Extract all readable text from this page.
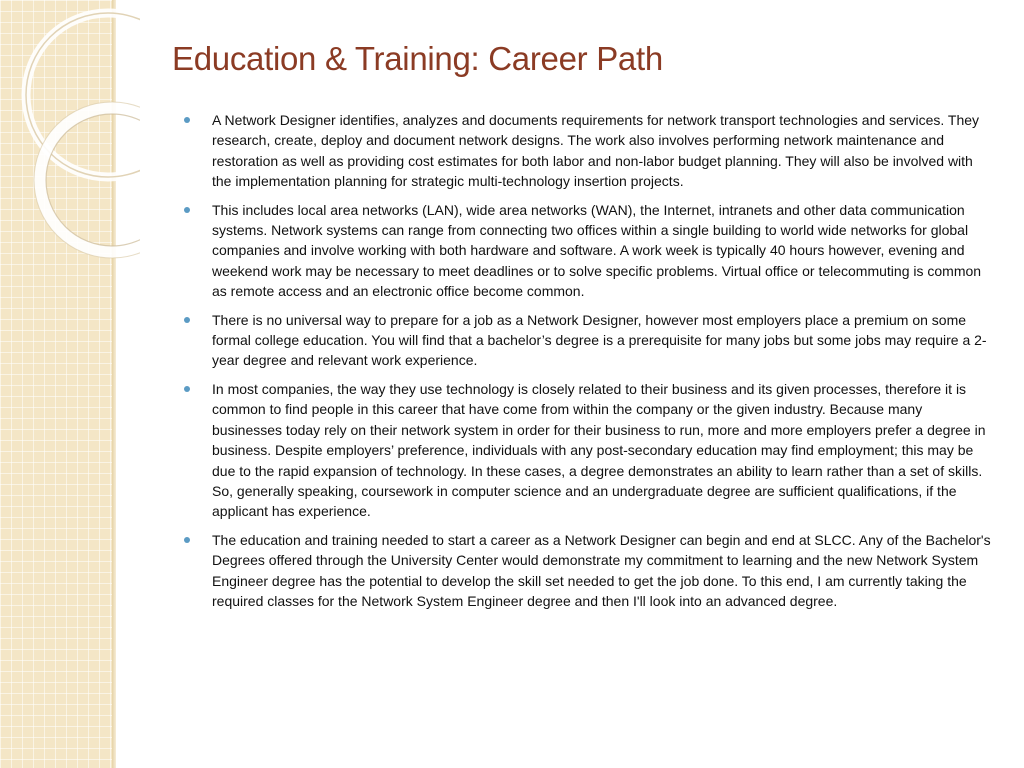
Education & Training: Career Path
A Network Designer identifies, analyzes and documents requirements for network transport technologies and services. They research, create, deploy and document network designs. The work also involves performing network maintenance and restoration as well as providing cost estimates for both labor and non-labor budget planning. They will also be involved with the implementation planning for strategic multi-technology insertion projects.
This includes local area networks (LAN), wide area networks (WAN), the Internet, intranets and other data communication systems. Network systems can range from connecting two offices within a single building to world wide networks for global companies and involve working with both hardware and software. A work week is typically 40 hours however, evening and weekend work may be necessary to meet deadlines or to solve specific problems. Virtual office or telecommuting is common as remote access and an electronic office become common.
There is no universal way to prepare for a job as a Network Designer, however most employers place a premium on some formal college education. You will find that a bachelor’s degree is a prerequisite for many jobs but some jobs may require a 2-year degree and relevant work experience.
In most companies, the way they use technology is closely related to their business and its given processes, therefore it is common to find people in this career that have come from within the company or the given industry. Because many businesses today rely on their network system in order for their business to run, more and more employers prefer a degree in business. Despite employers’ preference, individuals with any post-secondary education may find employment; this may be due to the rapid expansion of technology. In these cases, a degree demonstrates an ability to learn rather than a set of skills. So, generally speaking, coursework in computer science and an undergraduate degree are sufficient qualifications, if the applicant has experience.
The education and training needed to start a career as a Network Designer can begin and end at SLCC. Any of the Bachelor's Degrees offered through the University Center would demonstrate my commitment to learning and the new Network System Engineer degree has the potential to develop the skill set needed to get the job done. To this end, I am currently taking the required classes for the Network System Engineer degree and then I'll look into an advanced degree.
